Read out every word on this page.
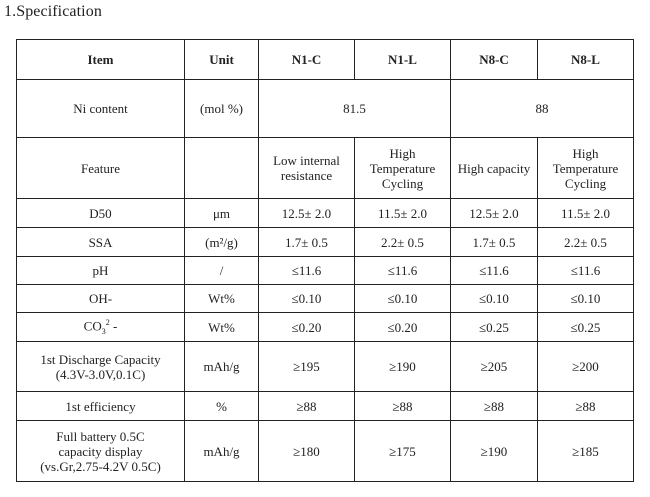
1.Specification
Item	Unit	N1-C	N1-L	N8-C	N8-L
Ni content	(mol %)	81.5		88	
Feature		Low internal resistance	High Temperature Cycling	High capacity	High Temperature Cycling
D50	μm	12.5± 2.0	11.5± 2.0	12.5± 2.0	11.5± 2.0
SSA	(m²/g)	1.7± 0.5	2.2± 0.5	1.7± 0.5	2.2± 0.5
pH	/	≤11.6	≤11.6	≤11.6	≤11.6
OH-	Wt%	≤0.10	≤0.10	≤0.10	≤0.10
$CO_3^2$ -	Wt%	≤0.20	≤0.20	≤0.25	≤0.25

1st Discharge Capacity
(4.3V-3.0V,0.1C)	mAh/g	≥195	≥190	≥205	≥200
1st efficiency	%	≥88	≥88	≥88	≥88

Full battery 0.5C
capacity display
(vs.Gr,2.75-4.2V 0.5C)	mAh/g	≥180	≥175	≥190	≥185
